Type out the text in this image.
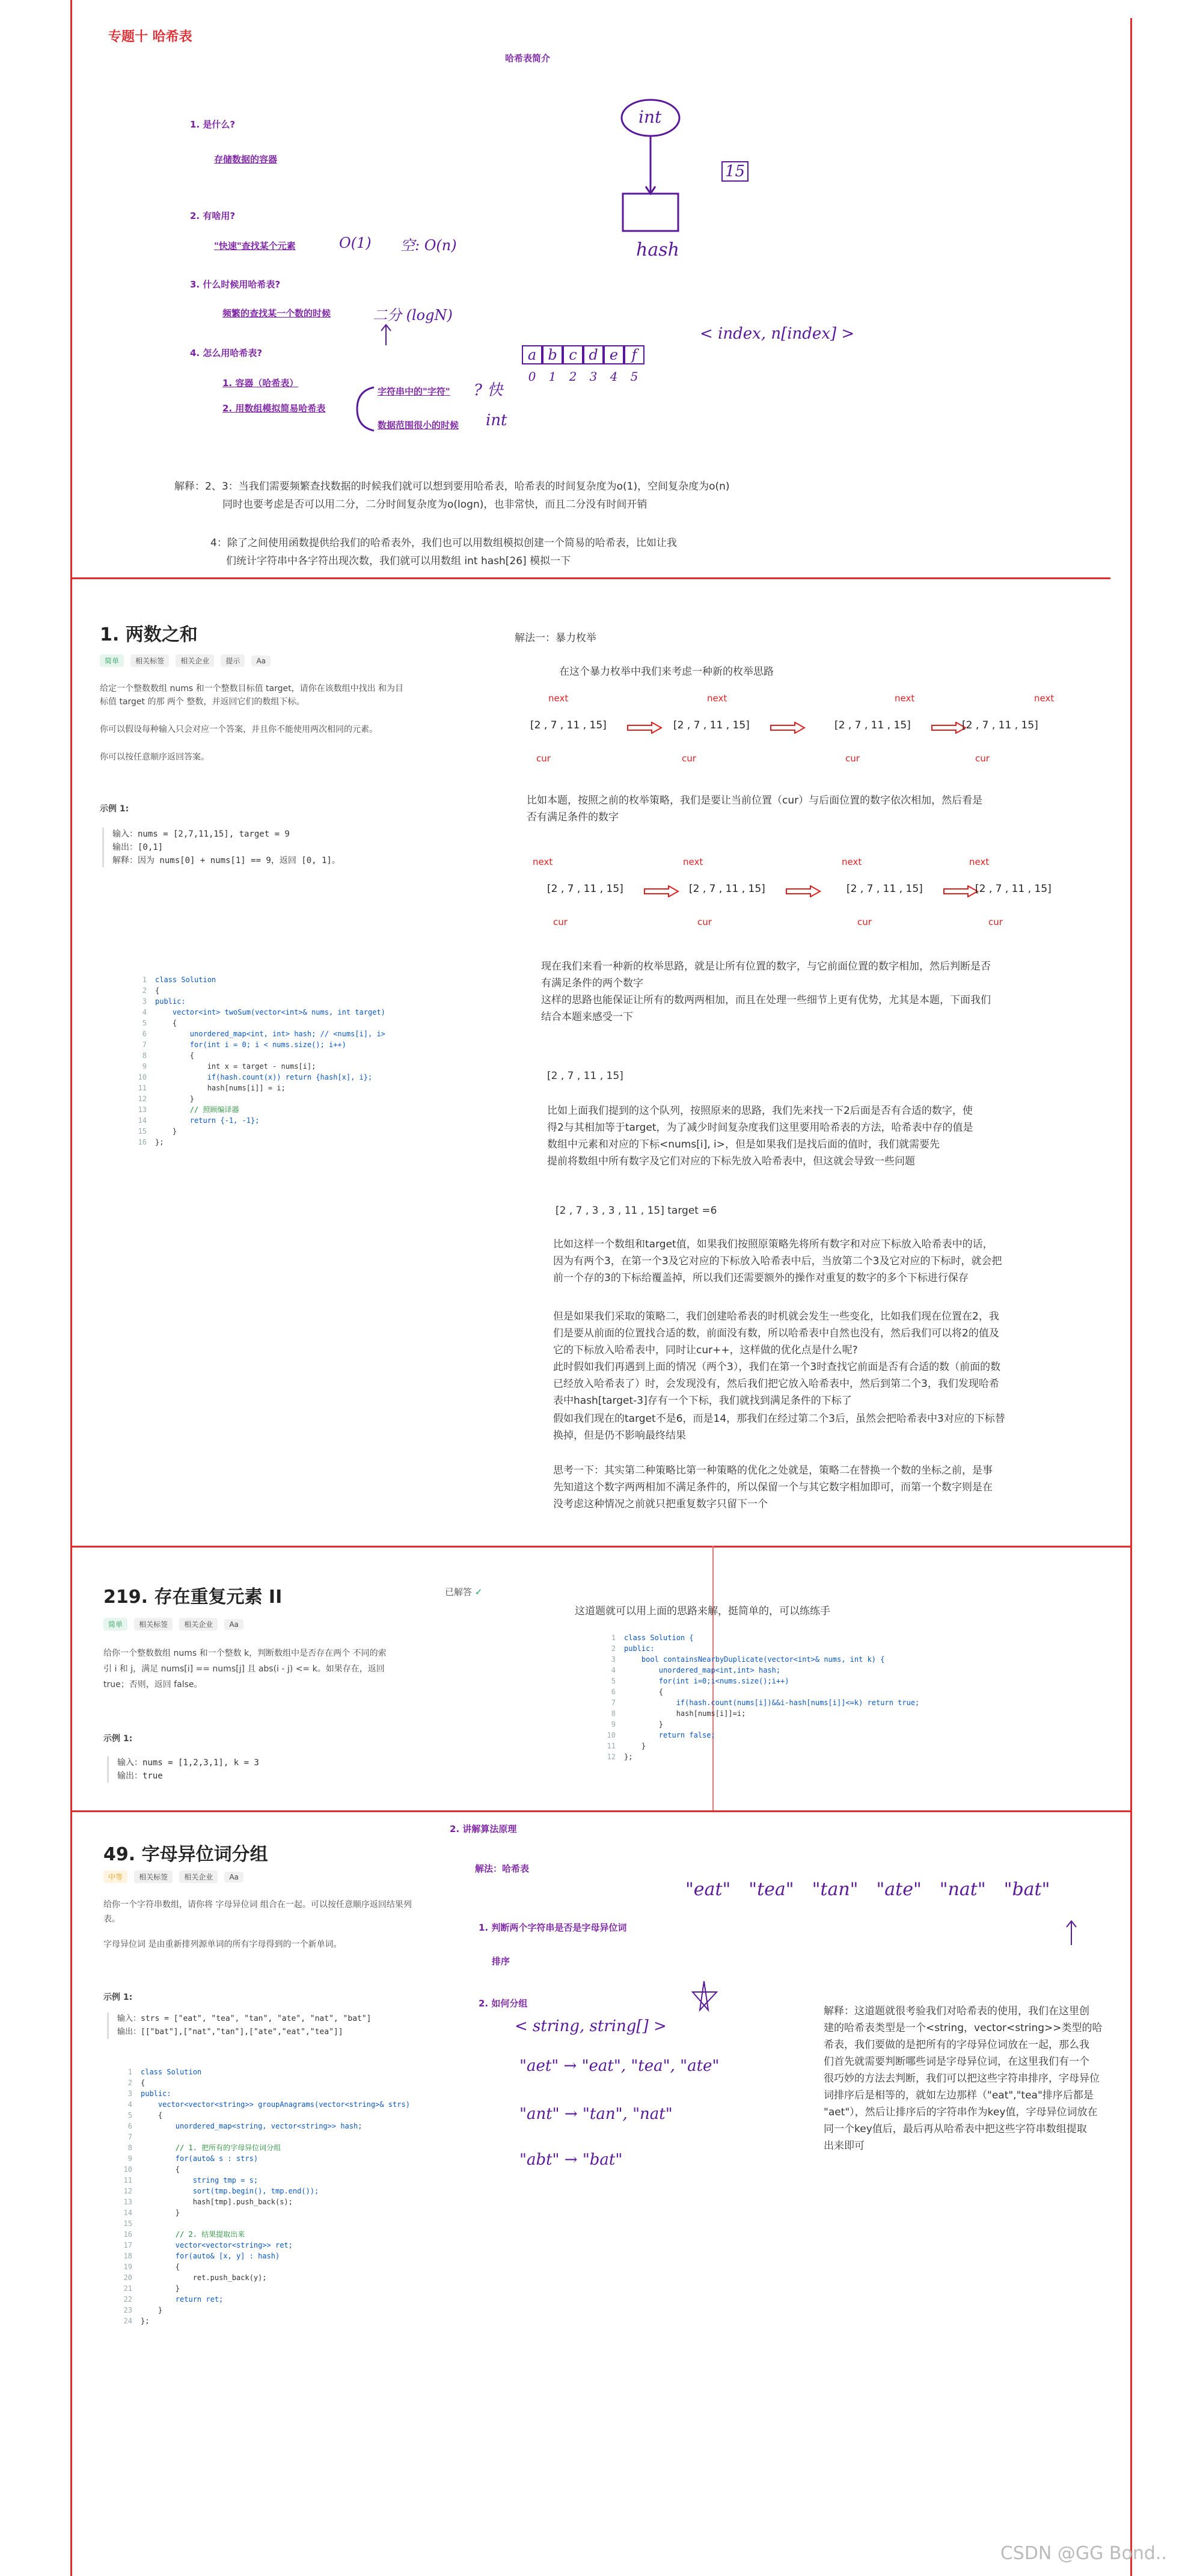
专题十 哈希表
哈希表简介
1. 是什么?
存储数据的容器
2. 有啥用?
"快速"查找某个元素	O(1) 空: O(n)
3. 什么时候用哈希表?
频繁的查找某一个数的时候	二分 (logN)
4. 怎么用哈希表?
1. 容器（哈希表）
2. 用数组模拟简易哈希表
字符串中的"字符" ? 快
数据范围很小的时候 int
int
hash
15
a b c d e f
0	1	2	3	4	5
< index, n[index] >
解释：2、3：当我们需要频繁查找数据的时候我们就可以想到要用哈希表，哈希表的时间复杂度为o(1)，空间复杂度为o(n)
同时也要考虑是否可以用二分，二分时间复杂度为o(logn)，也非常快，而且二分没有时间开销
4：除了之间使用函数提供给我们的哈希表外，我们也可以用数组模拟创建一个简易的哈希表，比如让我
们统计字符串中各字符出现次数，我们就可以用数组 int hash[26] 模拟一下
1. 两数之和
简单 相关标签 相关企业 提示 Aa
给定一个整数数组 nums 和一个整数目标值 target，请你在该数组中找出 和为目
标值 target 的那 两个 整数，并返回它们的数组下标。
你可以假设每种输入只会对应一个答案，并且你不能使用两次相同的元素。
你可以按任意顺序返回答案。
示例 1:
输入：nums = [2,7,11,15], target = 9
输出：[0,1]
解释：因为 nums[0] + nums[1] == 9，返回 [0, 1]。
1 class Solution
2 {
3 public:
4 vector<int> twoSum(vector<int>& nums, int target)
5 {
6 unordered_map<int, int> hash; // <nums[i], i>
7 for(int i = 0; i < nums.size(); i++)
8 {
9 int x = target - nums[i];
10 if(hash.count(x)) return {hash[x], i};
11 hash[nums[i]] = i;
12 }
13 // 照顾编译器
14 return {-1, -1};
15 }
16 };
解法一：暴力枚举
在这个暴力枚举中我们来考虑一种新的枚举思路
[2 , 7 , 11 , 15]
next
cur
[2 , 7 , 11 , 15]
next
cur
[2 , 7 , 11 , 15]
next
cur
[2 , 7 , 11 , 15]
next
cur
比如本题，按照之前的枚举策略，我们是要让当前位置（cur）与后面位置的数字依次相加，然后看是
否有满足条件的数字
[2 , 7 , 11 , 15]
next
cur
[2 , 7 , 11 , 15]
next
cur
[2 , 7 , 11 , 15]
next
cur
[2 , 7 , 11 , 15]
next
cur
现在我们来看一种新的枚举思路，就是让所有位置的数字，与它前面位置的数字相加，然后判断是否
有满足条件的两个数字
这样的思路也能保证让所有的数两两相加，而且在处理一些细节上更有优势，尤其是本题，下面我们
结合本题来感受一下
[2 , 7 , 11 , 15]
比如上面我们提到的这个队列，按照原来的思路，我们先来找一下2后面是否有合适的数字，使
得2与其相加等于target，为了减少时间复杂度我们这里要用哈希表的方法，哈希表中存的值是
数组中元素和对应的下标<nums[i], i>，但是如果我们是找后面的值时，我们就需要先
提前将数组中所有数字及它们对应的下标先放入哈希表中，但这就会导致一些问题
[2 , 7 , 3 , 3 , 11 , 15] target =6
比如这样一个数组和target值，如果我们按照原策略先将所有数字和对应下标放入哈希表中的话，
因为有两个3，在第一个3及它对应的下标放入哈希表中后，当放第二个3及它对应的下标时，就会把
前一个存的3的下标给覆盖掉，所以我们还需要额外的操作对重复的数字的多个下标进行保存
但是如果我们采取的策略二，我们创建哈希表的时机就会发生一些变化，比如我们现在位置在2，我
们是要从前面的位置找合适的数，前面没有数，所以哈希表中自然也没有，然后我们可以将2的值及
它的下标放入哈希表中，同时让cur++，这样做的优化点是什么呢?
此时假如我们再遇到上面的情况（两个3），我们在第一个3时查找它前面是否有合适的数（前面的数
已经放入哈希表了）时，会发现没有，然后我们把它放入哈希表中，然后到第二个3，我们发现哈希
表中hash[target-3]存有一个下标，我们就找到满足条件的下标了
假如我们现在的target不是6，而是14，那我们在经过第二个3后，虽然会把哈希表中3对应的下标替
换掉，但是仍不影响最终结果
思考一下：其实第二种策略比第一种策略的优化之处就是，策略二在替换一个数的坐标之前，是事
先知道这个数字两两相加不满足条件的，所以保留一个与其它数字相加即可，而第一个数字则是在
没考虑这种情况之前就只把重复数字只留下一个
219. 存在重复元素 II	已解答 ✓
简单 相关标签 相关企业 Aa
给你一个整数数组 nums 和一个整数 k，判断数组中是否存在两个 不同的索
引 i 和 j，满足 nums[i] == nums[j] 且 abs(i - j) <= k。如果存在，返回
true；否则，返回 false。
示例 1:
输入：nums = [1,2,3,1], k = 3
输出：true
这道题就可以用上面的思路来解，挺简单的，可以练练手
1 class Solution {
2 public:
3 bool containsNearbyDuplicate(vector<int>& nums, int k) {
4 unordered_map<int,int> hash;
5 for(int i=0;i<nums.size();i++)
6 {
7 if(hash.count(nums[i])&&i-hash[nums[i]]<=k) return true;
8 hash[nums[i]]=i;
9 }
10 return false;
11 }
12 };
49. 字母异位词分组
中等 相关标签 相关企业 Aa
给你一个字符串数组，请你将 字母异位词 组合在一起。可以按任意顺序返回结果列
表。
字母异位词 是由重新排列源单词的所有字母得到的一个新单词。
示例 1:
输入：strs = ["eat", "tea", "tan", "ate", "nat", "bat"]
输出：[["bat"],["nat","tan"],["ate","eat","tea"]]
1 class Solution
2 {
3 public:
4 vector<vector<string>> groupAnagrams(vector<string>& strs)
5 {
6 unordered_map<string, vector<string>> hash;
7
8 // 1. 把所有的字母异位词分组
9 for(auto& s : strs)
10 {
11 string tmp = s;
12 sort(tmp.begin(), tmp.end());
13 hash[tmp].push_back(s);
14 }
15
16 // 2. 结果提取出来
17 vector<vector<string>> ret;
18 for(auto& [x, y] : hash)
19 {
20 ret.push_back(y);
21 }
22 return ret;
23 }
24 };
2. 讲解算法原理
解法：哈希表
1. 判断两个字符串是否是字母异位词
排序
2. 如何分组
"eat" "tea" "tan" "ate" "nat" "bat"
< string, string[] >
"aet" → "eat", "tea", "ate"
"ant" → "tan", "nat"
"abt" → "bat"
解释：这道题就很考验我们对哈希表的使用，我们在这里创
建的哈希表类型是一个<string，vector<string>>类型的哈
希表，我们要做的是把所有的字母异位词放在一起，那么我
们首先就需要判断哪些词是字母异位词，在这里我们有一个
很巧妙的方法去判断，我们可以把这些字符串排序，字母异位
词排序后是相等的，就如左边那样（"eat","tea"排序后都是
"aet"），然后让排序后的字符串作为key值，字母异位词放在
同一个key值后，最后再从哈希表中把这些字符串数组提取
出来即可
CSDN @GG Bond..
